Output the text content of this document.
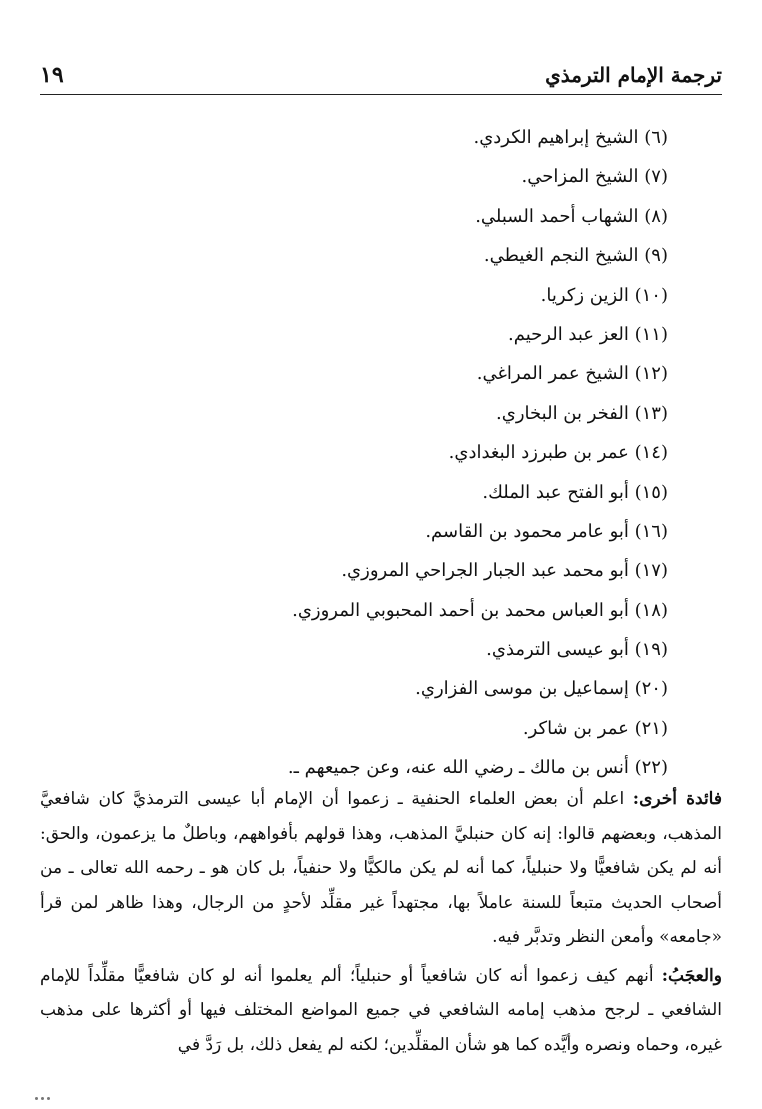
ترجمة الإمام الترمذي
١٩
(٦) الشيخ إبراهيم الكردي.
(٧) الشيخ المزاحي.
(٨) الشهاب أحمد السبلي.
(٩) الشيخ النجم الغيطي.
(١٠) الزين زكريا.
(١١) العز عبد الرحيم.
(١٢) الشيخ عمر المراغي.
(١٣) الفخر بن البخاري.
(١٤) عمر بن طبرزد البغدادي.
(١٥) أبو الفتح عبد الملك.
(١٦) أبو عامر محمود بن القاسم.
(١٧) أبو محمد عبد الجبار الجراحي المروزي.
(١٨) أبو العباس محمد بن أحمد المحبوبي المروزي.
(١٩) أبو عيسى الترمذي.
(٢٠) إسماعيل بن موسى الفزاري.
(٢١) عمر بن شاكر.
(٢٢) أنس بن مالك ـ رضي الله عنه، وعن جميعهم ـ.

فائدة أخرى: اعلم أن بعض العلماء الحنفية ـ زعموا أن الإمام أبا عيسى الترمذيَّ كان شافعيَّ المذهب، وبعضهم قالوا: إنه كان حنبليَّ المذهب، وهذا قولهم بأفواههم، وباطلٌ ما يزعمون، والحق: أنه لم يكن شافعيًّا ولا حنبلياً، كما أنه لم يكن مالكيًّا ولا حنفياً، بل كان هو ـ رحمه الله تعالى ـ من أصحاب الحديث متبعاً للسنة عاملاً بها، مجتهداً غير مقلِّد لأحدٍ من الرجال، وهذا ظاهر لمن قرأ «جامعه» وأمعن النظر وتدبَّر فيه.

والعجَبُ: أنهم كيف زعموا أنه كان شافعياً أو حنبلياً؛ ألم يعلموا أنه لو كان شافعيًّا مقلِّداً للإمام الشافعي ـ لرجح مذهب إمامه الشافعي في جميع المواضع المختلف فيها أو أكثرها على مذهب غيره، وحماه ونصره وأيَّده كما هو شأن المقلِّدين؛ لكنه لم يفعل ذلك، بل رَدَّ في
